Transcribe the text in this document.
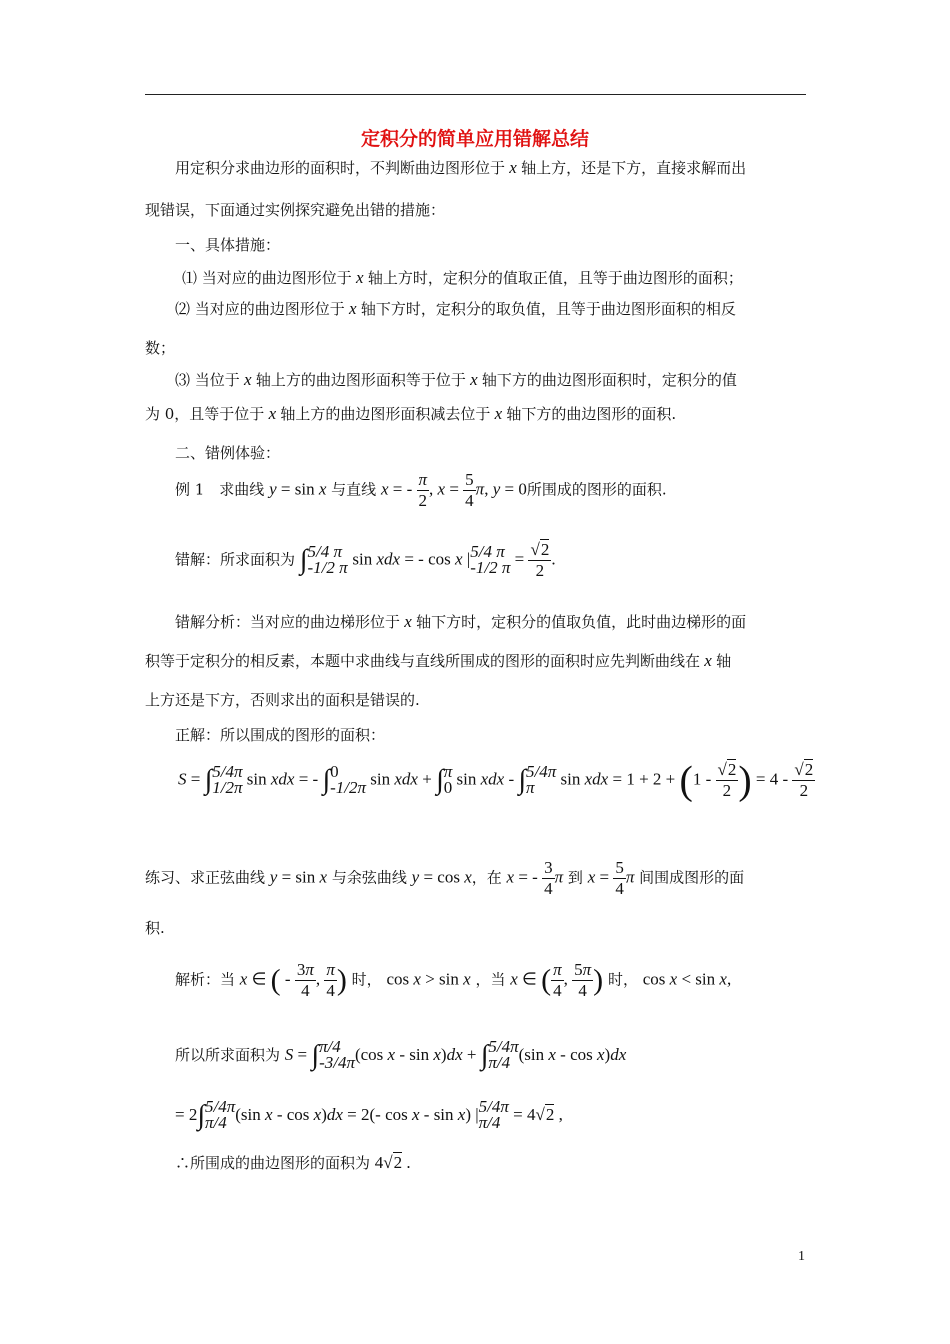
定积分的简单应用错解总结
用定积分求曲边形的面积时，不判断曲边图形位于 x 轴上方，还是下方，直接求解而出
现错误，下面通过实例探究避免出错的措施：
一、具体措施：
⑴ 当对应的曲边图形位于 x 轴上方时，定积分的值取正值，且等于曲边图形的面积；
⑵ 当对应的曲边图形位于 x 轴下方时，定积分的取负值，且等于曲边图形面积的相反
数；
⑶ 当位于 x 轴上方的曲边图形面积等于位于 x 轴下方的曲边图形面积时，定积分的值
为 0，且等于位于 x 轴上方的曲边图形面积减去位于 x 轴下方的曲边图形的面积.
二、错例体验：
例 1　求曲线 y = sin x 与直线 x = - $\frac{\pi}{2}$ , $x = \frac{5}{4} \pi$, y = 0所围成的图形的面积.
错解：所求面积为 ∫5/4 π
-1/2 π sin xdx = - cos x |5/4 π
-1/2 $\pi = \frac{√2}{2}$ .
错解分析：当对应的曲边梯形位于 x 轴下方时，定积分的值取负值，此时曲边梯形的面
积等于定积分的相反素，本题中求曲线与直线所围成的图形的面积时应先判断曲线在 x 轴
上方还是下方，否则求出的面积是错误的.
正解：所以围成的图形的面积：
S = ∫5/4π
1/2π sin xdx = - ∫0
-1/2π sin xdx + ∫π
0 sin xdx - ∫5/4π
π sin xdx = $1 + 2 + (1 - \frac{√2}{2}$ ) = $4 - \frac{√2}{2}$
练习、求正弦曲线 y = sin x 与余弦曲线 y = cos x，在 x = - $\frac{3}{4}$ π 到 $x = \frac{5}{4}$ π 间围成图形的面
积.
解析：当 x ∈ ( - $\frac{3\pi}{4}$ , $\frac{\pi}{4}$ ) 时， cos x > sin x ，当 x ∈ ( $\frac{\pi}{4}$ , $\frac{5\pi}{4}$ ) 时， cos x < sin x,
所以所求面积为 S = ∫π/4
-3/4π(cos x - sin x)dx + ∫5/4π
π/4 (sin x - cos x)dx
= 2∫5/4π
π/4 (sin x - cos x)dx = 2(- cos x - sin x) |5/4π
π/4 = 4√2 ,
∴所围成的曲边图形的面积为 4√2 .
1
